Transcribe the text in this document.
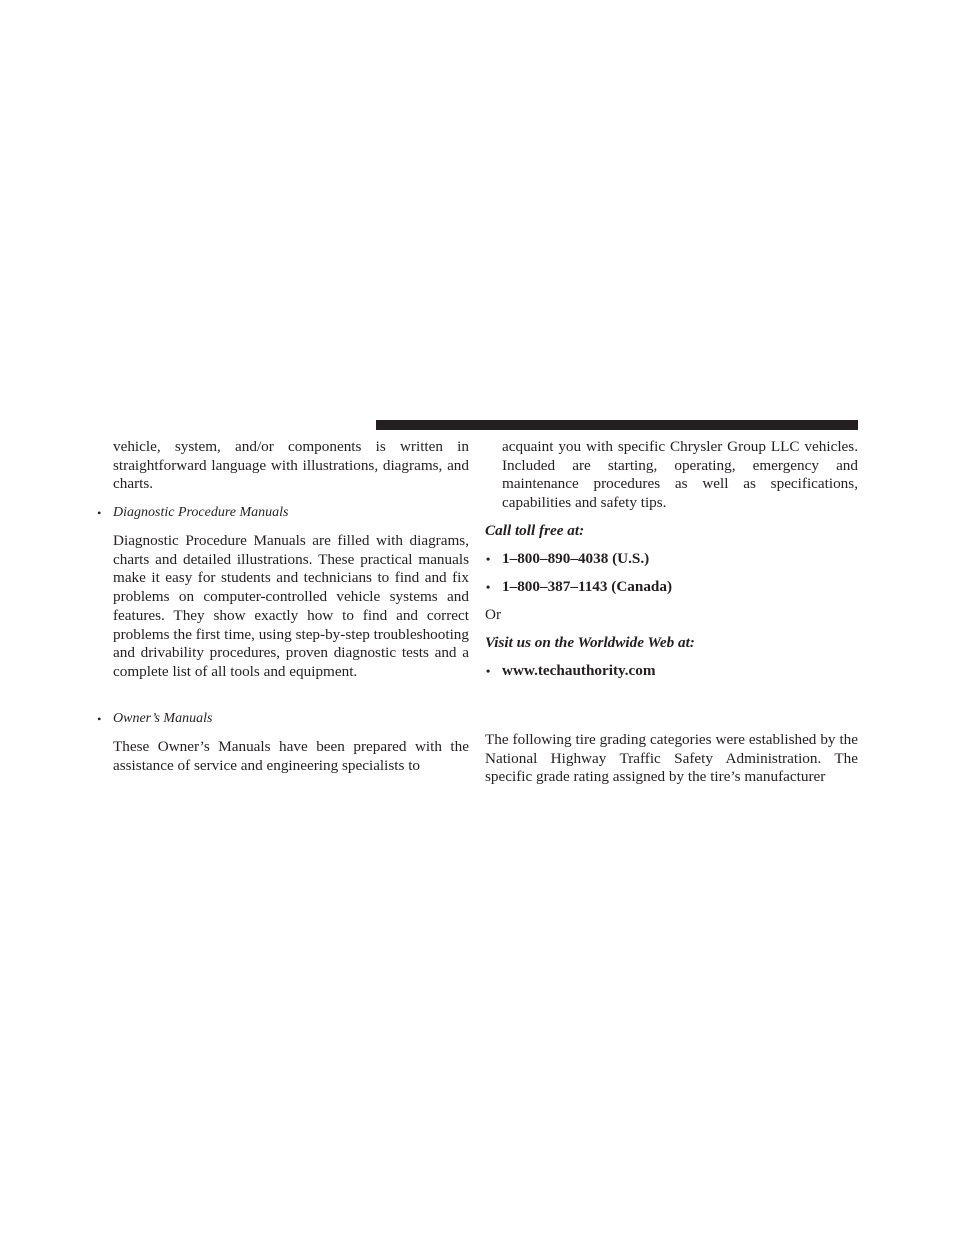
vehicle, system, and/or components is written in straightforward language with illustrations, diagrams, and charts.

• Diagnostic Procedure Manuals

Diagnostic Procedure Manuals are filled with diagrams, charts and detailed illustrations. These practical manuals make it easy for students and technicians to find and fix problems on computer-controlled vehicle systems and features. They show exactly how to find and correct problems the first time, using step-by-step troubleshooting and drivability procedures, proven diagnostic tests and a complete list of all tools and equipment.

• Owner’s Manuals

These Owner’s Manuals have been prepared with the assistance of service and engineering specialists to

acquaint you with specific Chrysler Group LLC vehicles. Included are starting, operating, emergency and maintenance procedures as well as specifications, capabilities and safety tips.

Call toll free at:

• 1–800–890–4038 (U.S.)
• 1–800–387–1143 (Canada)

Or

Visit us on the Worldwide Web at:

• www.techauthority.com

The following tire grading categories were established by the National Highway Traffic Safety Administration. The specific grade rating assigned by the tire’s manufacturer
